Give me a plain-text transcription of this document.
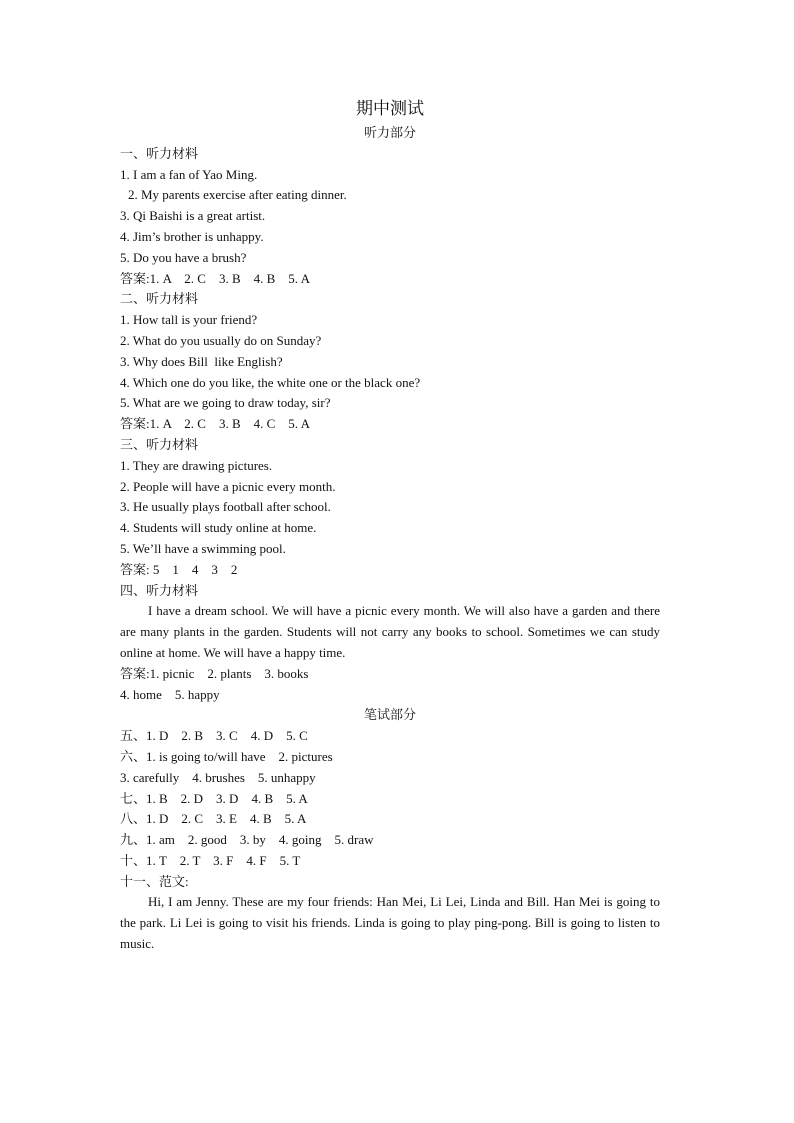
期中测试
听力部分
一、听力材料
1. I am a fan of Yao Ming.
2. My parents exercise after eating dinner.
3. Qi Baishi is a great artist.
4. Jim’s brother is unhappy.
5. Do you have a brush?
答案:1. A    2. C    3. B    4. B    5. A
二、听力材料
1. How tall is your friend?
2. What do you usually do on Sunday?
3. Why does Bill  like English?
4. Which one do you like, the white one or the black one?
5. What are we going to draw today, sir?
答案:1. A    2. C    3. B    4. C    5. A
三、听力材料
1. They are drawing pictures.
2. People will have a picnic every month.
3. He usually plays football after school.
4. Students will study online at home.
5. We’ll have a swimming pool.
答案: 5    1    4    3    2
四、听力材料

I have a dream school. We will have a picnic every month. We will also have a garden and there are many plants in the garden. Students will not carry any books to school. Sometimes we can study online at home. We will have a happy time.

答案:1. picnic    2. plants    3. books
4. home    5. happy
笔试部分
五、1. D    2. B    3. C    4. D    5. C
六、1. is going to/will have    2. pictures
3. carefully    4. brushes    5. unhappy
七、1. B    2. D    3. D    4. B    5. A
八、1. D    2. C    3. E    4. B    5. A
九、1. am    2. good    3. by    4. going    5. draw
十、1. T    2. T    3. F    4. F    5. T
十一、范文:

Hi, I am Jenny. These are my four friends: Han Mei, Li Lei, Linda and Bill. Han Mei is going to the park. Li Lei is going to visit his friends. Linda is going to play ping-pong. Bill is going to listen to music.
